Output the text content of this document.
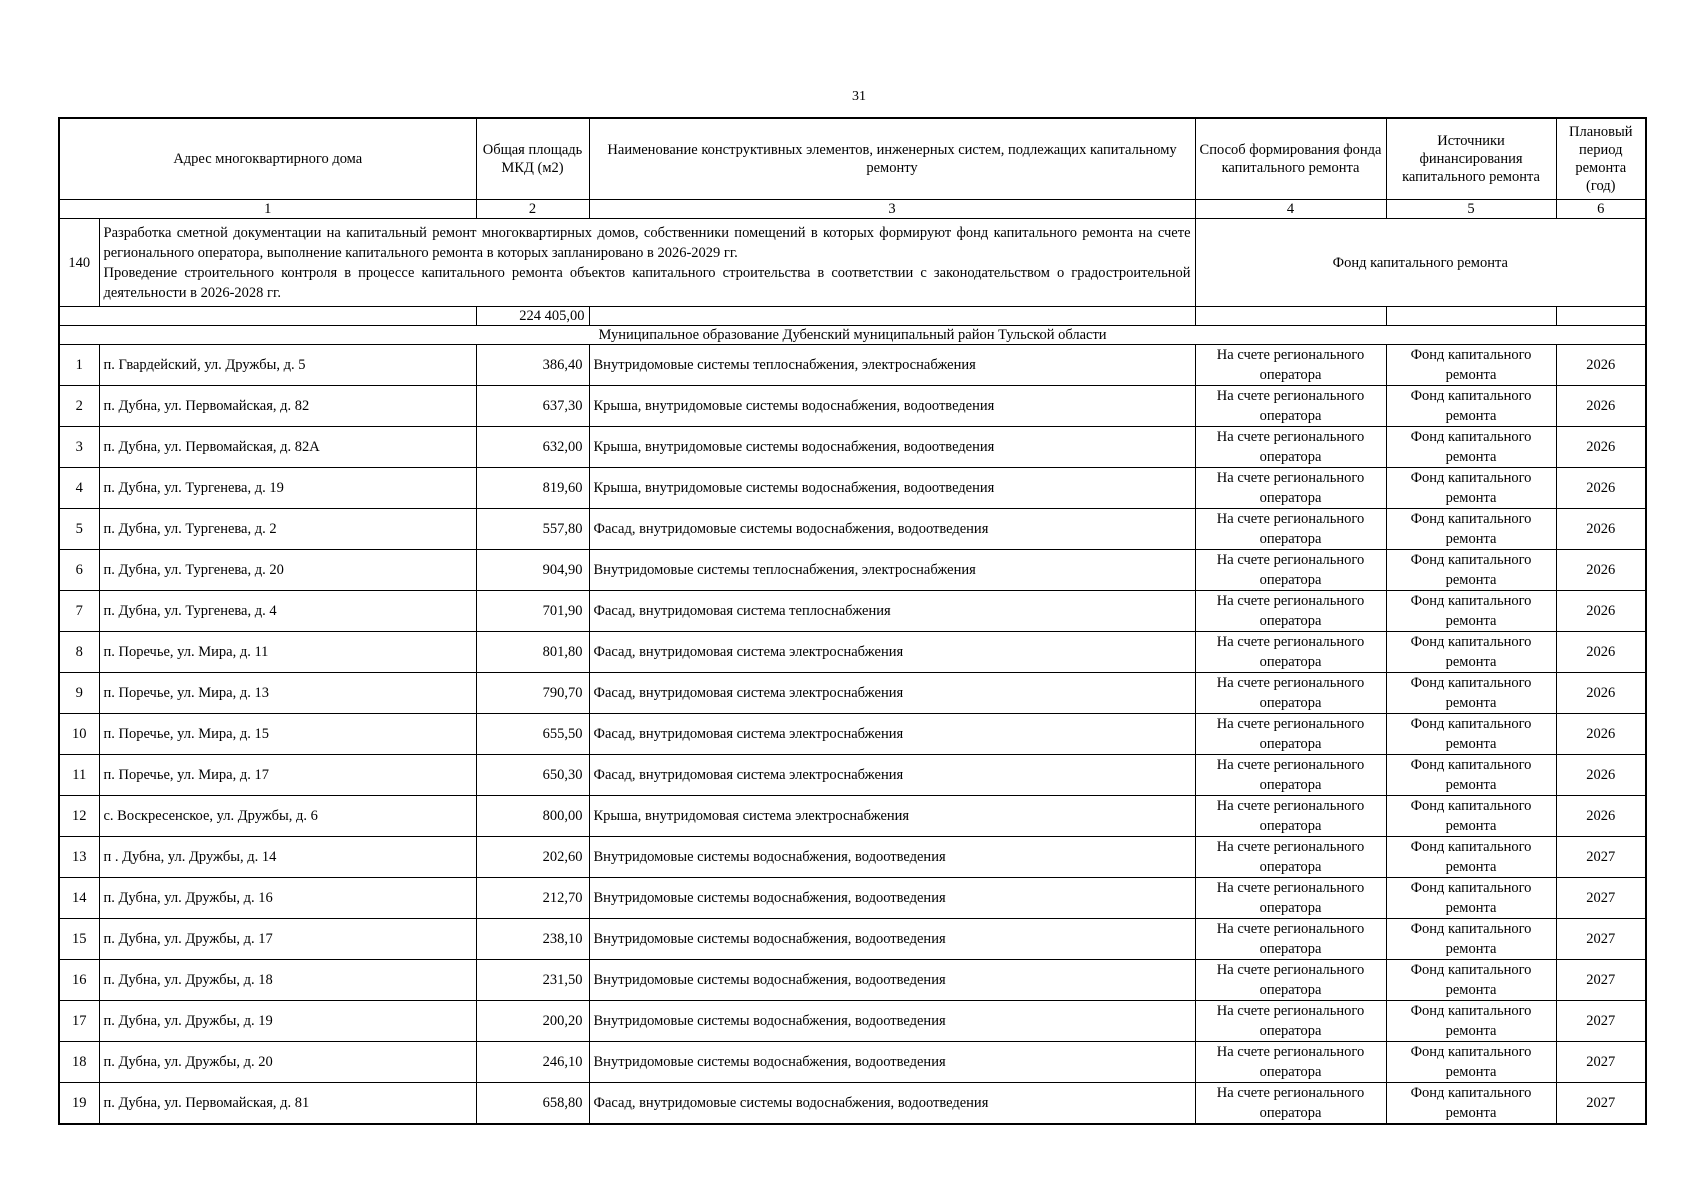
31
Адрес многоквартирного дома		Общая площадь МКД (м2)	Наименование конструктивных элементов, инженерных систем, подлежащих капитальному ремонту	Способ формирования фонда капитального ремонта	Источники финансирования капитального ремонта	Плановый период ремонта (год)
1		2	3	4	5	6
140	Разработка сметной документации на капитальный ремонт многоквартирных домов, собственники помещений в которых формируют фонд капитального ремонта на счете регионального оператора, выполнение капитального ремонта в которых запланировано в 2026-2029 гг.
Проведение строительного контроля в процессе капитального ремонта объектов капитального строительства в соответствии с законодательством о градостроительной деятельности в 2026-2028 гг.			Фонд капитального ремонта		
		224 405,00				
Муниципальное образование Дубенский муниципальный район Тульской области						
1	п. Гвардейский, ул. Дружбы, д. 5	386,40	Внутридомовые системы теплоснабжения, электроснабжения	На счете регионального оператора	Фонд капитального ремонта	2026
2	п. Дубна, ул. Первомайская, д. 82	637,30	Крыша, внутридомовые системы водоснабжения, водоотведения	На счете регионального оператора	Фонд капитального ремонта	2026
3	п. Дубна, ул. Первомайская, д. 82А	632,00	Крыша, внутридомовые системы водоснабжения, водоотведения	На счете регионального оператора	Фонд капитального ремонта	2026
4	п. Дубна, ул. Тургенева, д. 19	819,60	Крыша, внутридомовые системы водоснабжения, водоотведения	На счете регионального оператора	Фонд капитального ремонта	2026
5	п. Дубна, ул. Тургенева, д. 2	557,80	Фасад, внутридомовые системы водоснабжения, водоотведения	На счете регионального оператора	Фонд капитального ремонта	2026
6	п. Дубна, ул. Тургенева, д. 20	904,90	Внутридомовые системы теплоснабжения, электроснабжения	На счете регионального оператора	Фонд капитального ремонта	2026
7	п. Дубна, ул. Тургенева, д. 4	701,90	Фасад, внутридомовая система теплоснабжения	На счете регионального оператора	Фонд капитального ремонта	2026
8	п. Поречье, ул. Мира, д. 11	801,80	Фасад, внутридомовая система электроснабжения	На счете регионального оператора	Фонд капитального ремонта	2026
9	п. Поречье, ул. Мира, д. 13	790,70	Фасад, внутридомовая система электроснабжения	На счете регионального оператора	Фонд капитального ремонта	2026
10	п. Поречье, ул. Мира, д. 15	655,50	Фасад, внутридомовая система электроснабжения	На счете регионального оператора	Фонд капитального ремонта	2026
11	п. Поречье, ул. Мира, д. 17	650,30	Фасад, внутридомовая система электроснабжения	На счете регионального оператора	Фонд капитального ремонта	2026
12	с. Воскресенское, ул. Дружбы, д. 6	800,00	Крыша, внутридомовая система электроснабжения	На счете регионального оператора	Фонд капитального ремонта	2026
13	п . Дубна, ул. Дружбы, д. 14	202,60	Внутридомовые системы водоснабжения, водоотведения	На счете регионального оператора	Фонд капитального ремонта	2027
14	п. Дубна, ул. Дружбы, д. 16	212,70	Внутридомовые системы водоснабжения, водоотведения	На счете регионального оператора	Фонд капитального ремонта	2027
15	п. Дубна, ул. Дружбы, д. 17	238,10	Внутридомовые системы водоснабжения, водоотведения	На счете регионального оператора	Фонд капитального ремонта	2027
16	п. Дубна, ул. Дружбы, д. 18	231,50	Внутридомовые системы водоснабжения, водоотведения	На счете регионального оператора	Фонд капитального ремонта	2027
17	п. Дубна, ул. Дружбы, д. 19	200,20	Внутридомовые системы водоснабжения, водоотведения	На счете регионального оператора	Фонд капитального ремонта	2027
18	п. Дубна, ул. Дружбы, д. 20	246,10	Внутридомовые системы водоснабжения, водоотведения	На счете регионального оператора	Фонд капитального ремонта	2027
19	п. Дубна, ул. Первомайская, д. 81	658,80	Фасад, внутридомовые системы водоснабжения, водоотведения	На счете регионального оператора	Фонд капитального ремонта	2027
